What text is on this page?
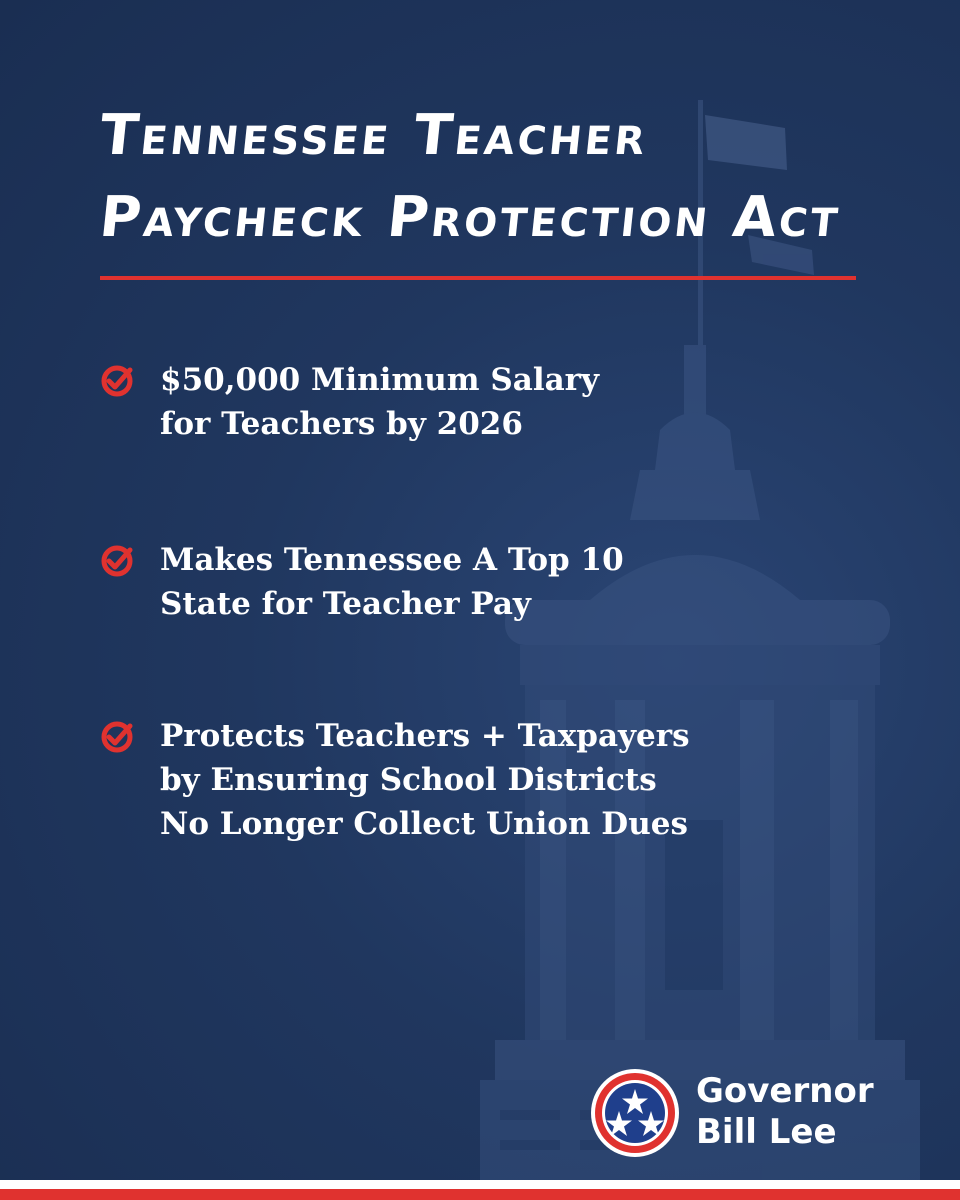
Tennessee Teacher
Paycheck Protection Act
$50,000 Minimum Salary
for Teachers by 2026
Makes Tennessee A Top 10
State for Teacher Pay
Protects Teachers + Taxpayers
by Ensuring School Districts
No Longer Collect Union Dues
Governor
Bill Lee
